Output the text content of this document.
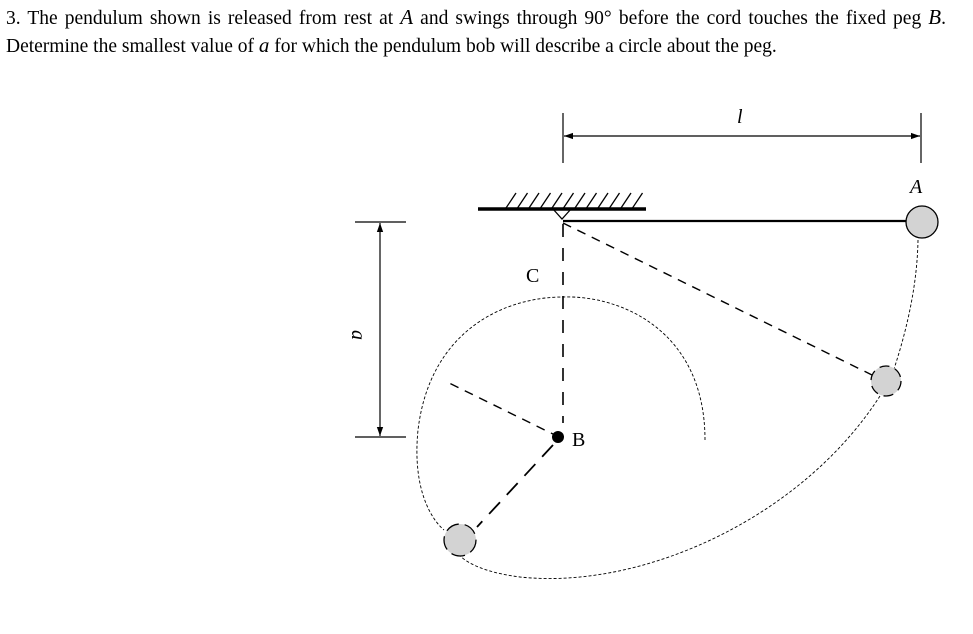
3. The pendulum shown is released from rest at A and swings through 90° before the cord touches the fixed peg B. Determine the smallest value of a for which the pendulum bob will describe a circle about the peg.
l
A
B
C
a
